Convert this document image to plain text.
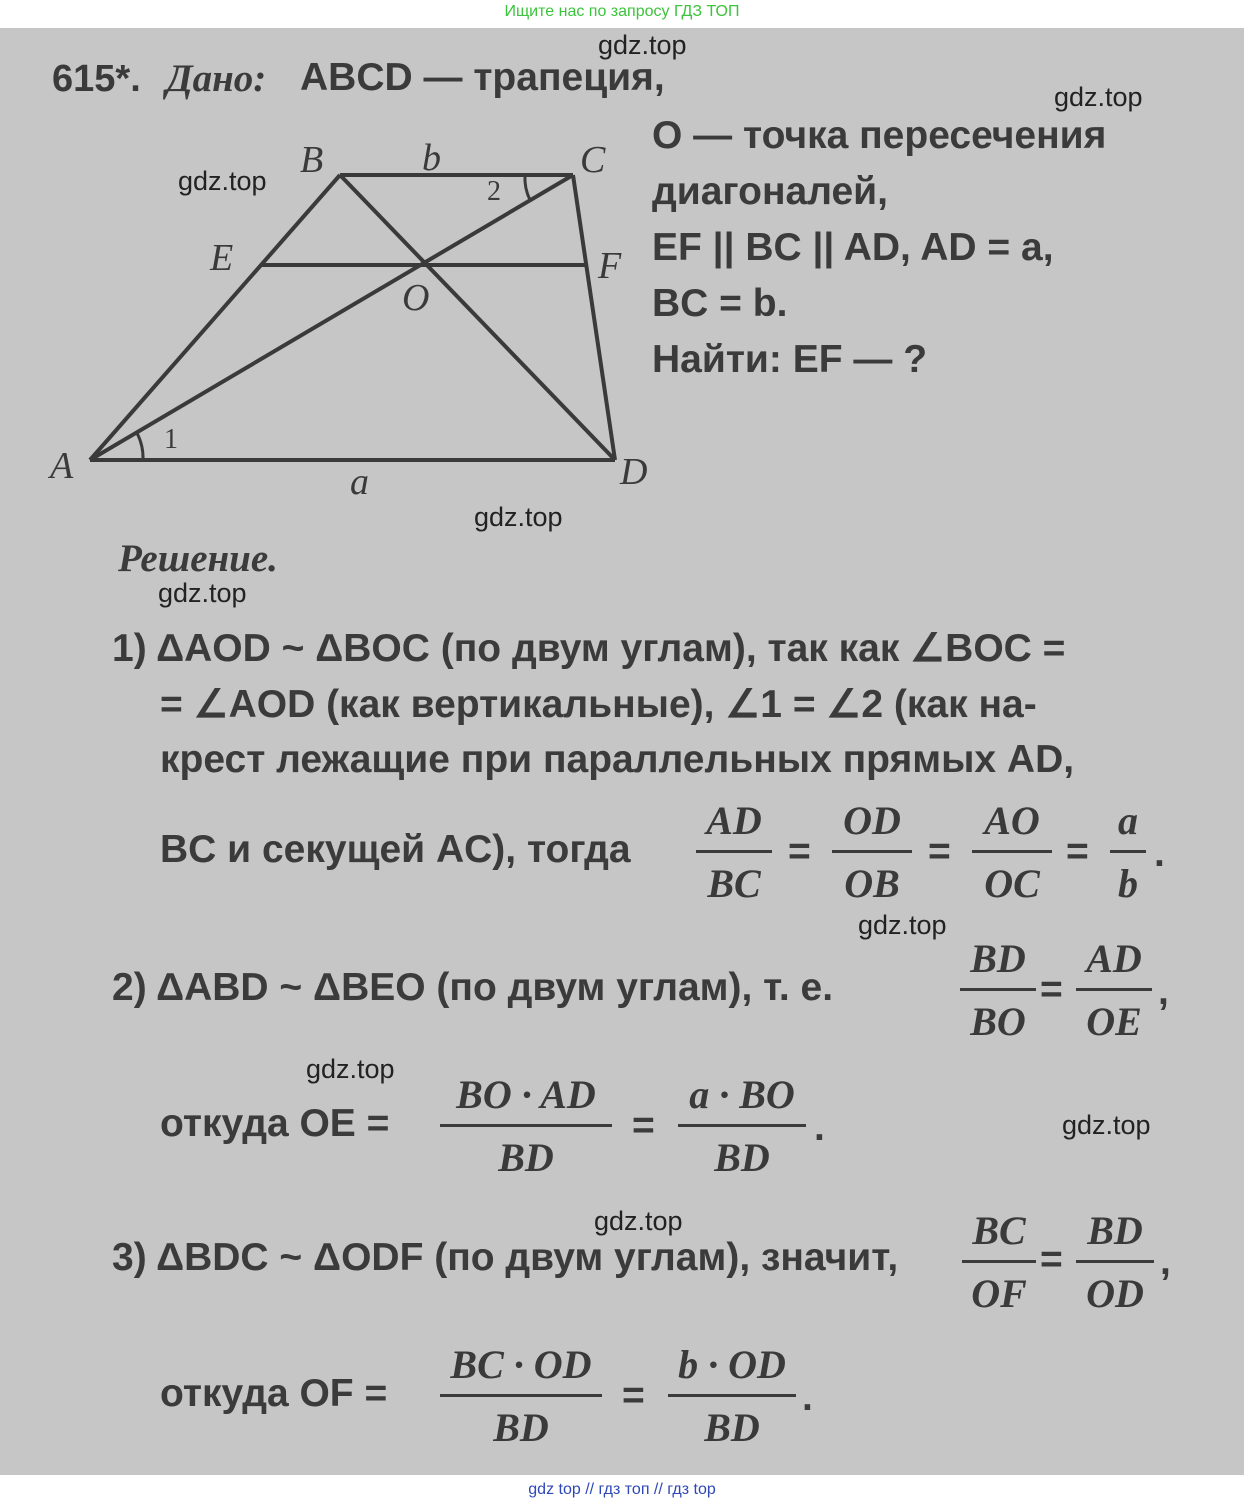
Ищите нас по запросу ГДЗ ТОП
615*. Дано: ABCD — трапеция,
O — точка пересечения
диагоналей,
EF || BC || AD, AD = a,
BC = b.
Найти: EF — ?
A
B	C
D
E	F
O
a
b
1
2
Решение.
1) ΔAOD ~ ΔBOC (по двум углам), так как ∠BOC =
= ∠AOD (как вертикальные), ∠1 = ∠2 (как на-
крест лежащие при параллельных прямых AD,
BC и секущей AC), тогда
AD
BC
=
OD
OB
=
AO
OC
=
a
b
.
2) ΔABD ~ ΔBEO (по двум углам), т. е.
BD
BO
=
AD
OE
,
откуда OE =
BO · AD
BD
=
a · BO
BD
.
3) ΔBDC ~ ΔODF (по двум углам), значит,
BC
OF
=
BD
OD
,
откуда OF =
BC · OD
BD
=
b · OD
BD
.
gdz.top
gdz.top
gdz.top
gdz.top
gdz.top
gdz.top
gdz.top
gdz.top
gdz.top
gdz top // гдз топ // гдз top
